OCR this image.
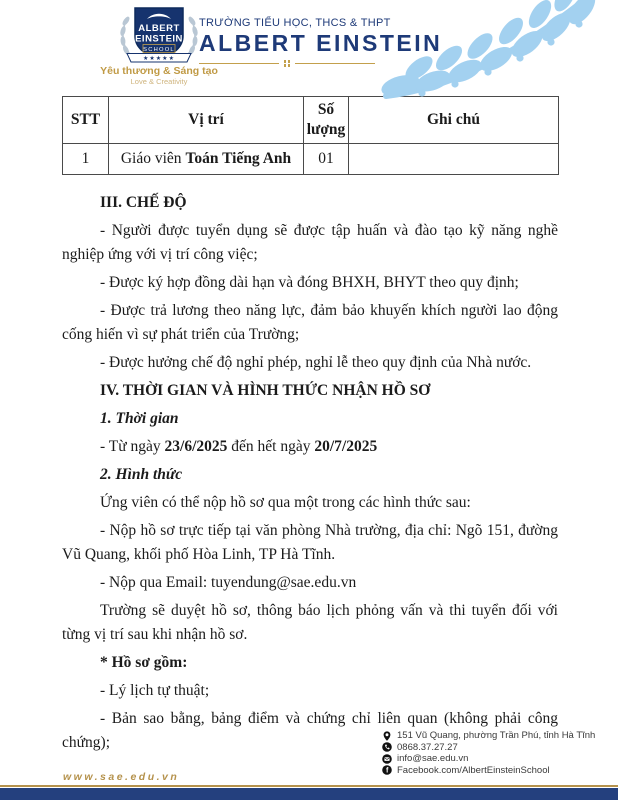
ALBERT
EINSTEIN
SCHOOL
★★★★★
Yêu thương & Sáng tạo
Love & Creativity
TRƯỜNG TIỂU HỌC, THCS & THPT
ALBERT EINSTEIN
STT	Vị trí	Số lượng	Ghi chú
1	Giáo viên Toán Tiếng Anh	01	

III. CHẾ ĐỘ

- Người được tuyển dụng sẽ được tập huấn và đào tạo kỹ năng nghề nghiệp ứng với vị trí công việc;

- Được ký hợp đồng dài hạn và đóng BHXH, BHYT theo quy định;

- Được trả lương theo năng lực, đảm bảo khuyến khích người lao động cống hiến vì sự phát triển của Trường;

- Được hưởng chế độ nghỉ phép, nghỉ lễ theo quy định của Nhà nước.

IV. THỜI GIAN VÀ HÌNH THỨC NHẬN HỒ SƠ

1. Thời gian

- Từ ngày 23/6/2025 đến hết ngày 20/7/2025

2. Hình thức

Ứng viên có thể nộp hồ sơ qua một trong các hình thức sau:

- Nộp hồ sơ trực tiếp tại văn phòng Nhà trường, địa chỉ: Ngõ 151, đường Vũ Quang, khối phố Hòa Linh, TP Hà Tĩnh.

- Nộp qua Email: tuyendung@sae.edu.vn

Trường sẽ duyệt hồ sơ, thông báo lịch phỏng vấn và thi tuyển đối với từng vị trí sau khi nhận hồ sơ.

* Hồ sơ gồm:

- Lý lịch tự thuật;

- Bản sao bằng, bảng điểm và chứng chỉ liên quan (không phải công chứng);

www.sae.edu.vn
151 Vũ Quang, phường Trần Phú, tỉnh Hà Tĩnh
0868.37.27.27
info@sae.edu.vn
f Facebook.com/AlbertEinsteinSchool
